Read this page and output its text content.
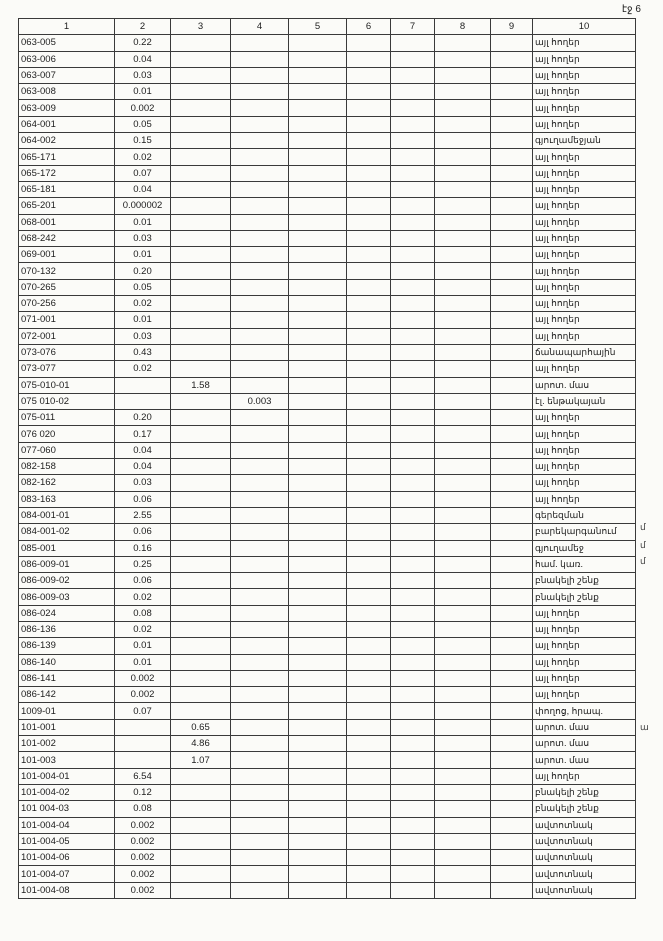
էջ 6
1	2	3	4	5	6	7	8	9	10
063-005	0.22								այլ հողեր
063-006	0.04								այլ հողեր
063-007	0.03								այլ հողեր
063-008	0.01								այլ հողեր
063-009	0.002								այլ հողեր
064-001	0.05								այլ հողեր
064-002	0.15								գյուղամեջյան
065-171	0.02								այլ հողեր
065-172	0.07								այլ հողեր
065-181	0.04								այլ հողեր
065-201	0.000002								այլ հողեր
068-001	0.01								այլ հողեր
068-242	0.03								այլ հողեր
069-001	0.01								այլ հողեր
070-132	0.20								այլ հողեր
070-265	0.05								այլ հողեր
070-256	0.02								այլ հողեր
071-001	0.01								այլ հողեր
072-001	0.03								այլ հողեր
073-076	0.43								ճանապարհային
073-077	0.02								այլ հողեր
075-010-01		1.58							արոտ. մաս
075 010-02			0.003						էլ. ենթակայան
075-011	0.20								այլ հողեր
076 020	0.17								այլ հողեր
077-060	0.04								այլ հողեր
082-158	0.04								այլ հողեր
082-162	0.03								այլ հողեր
083-163	0.06								այլ հողեր
084-001-01	2.55								գերեզման
084-001-02	0.06								բարեկարգանում
085-001	0.16								գյուղամեջ
086-009-01	0.25								համ. կառ.
086-009-02	0.06								բնակելի շենք
086-009-03	0.02								բնակելի շենք
086-024	0.08								այլ հողեր
086-136	0.02								այլ հողեր
086-139	0.01								այլ հողեր
086-140	0.01								այլ հողեր
086-141	0.002								այլ հողեր
086-142	0.002								այլ հողեր
1009-01	0.07								փողոց, հրապ.
101-001		0.65							արոտ. մաս
101-002		4.86							արոտ. մաս
101-003		1.07							արոտ. մաս
101-004-01	6.54								այլ հողեր
101-004-02	0.12								բնակելի շենք
101 004-03	0.08								բնակելի շենք
101-004-04	0.002								ավտոտնակ
101-004-05	0.002								ավտոտնակ
101-004-06	0.002								ավտոտնակ
101-004-07	0.002								ավտոտնակ
101-004-08	0.002								ավտոտնակ
մ
մ
մ
ա
